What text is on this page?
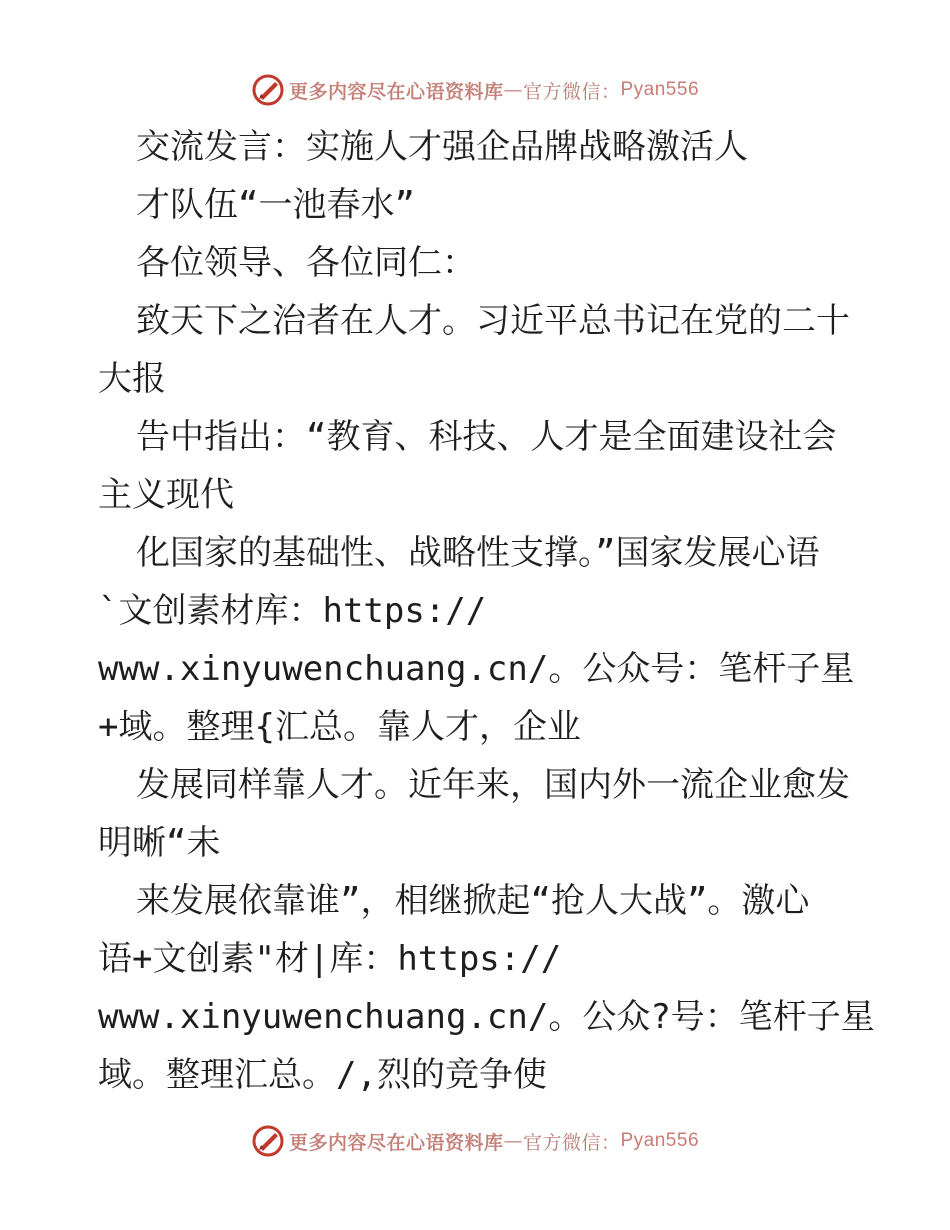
更多内容尽在心语资料库 — 官方微信： Pyan556
交流发言：实施人才强企品牌战略激活人
才队伍“一池春水”
各位领导、各位同仁：
致天下之治者在人才。习近平总书记在党的二十
大报
告中指出：“教育、科技、人才是全面建设社会
主义现代
化国家的基础性、战略性支撑。”国家发展心语
`文创素材库：https://
www.xinyuwenchuang.cn/。公众号：笔杆子星
+域。整理{汇总。靠人才，企业
发展同样靠人才。近年来，国内外一流企业愈发
明晰“未
来发展依靠谁”，相继掀起“抢人大战”。激心
语+文创素"材|库：https://
www.xinyuwenchuang.cn/。公众?号：笔杆子星
域。整理汇总。/,烈的竞争使
更多内容尽在心语资料库 — 官方微信： Pyan556
